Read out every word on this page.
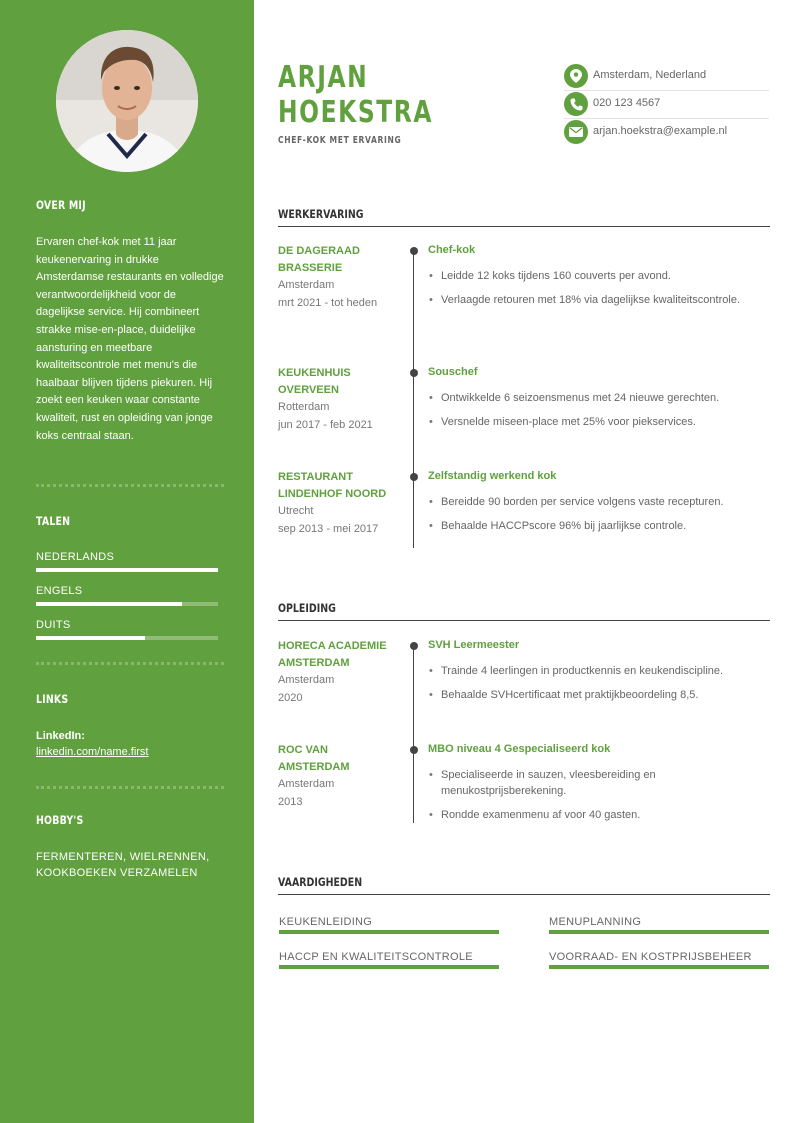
OVER MIJ
Ervaren chef-kok met 11 jaar keukenervaring in drukke Amsterdamse restaurants en volledige verantwoordelijkheid voor de dagelijkse service. Hij combineert strakke mise-en-place, duidelijke aansturing en meetbare kwaliteitscontrole met menu's die haalbaar blijven tijdens piekuren. Hij zoekt een keuken waar constante kwaliteit, rust en opleiding van jonge koks centraal staan.
TALEN
NEDERLANDS
ENGELS
DUITS
LINKS
LinkedIn:
linkedin.com/name.first
HOBBY'S
FERMENTEREN, WIELRENNEN, KOOKBOEKEN VERZAMELEN
ARJAN
HOEKSTRA
CHEF-KOK MET ERVARING
Amsterdam, Nederland
020 123 4567
arjan.hoekstra@example.nl
WERKERVARING
DE DAGERAAD BRASSERIE
Amsterdam
mrt 2021 - tot heden
Chef-kok
• Leidde 12 koks tijdens 160 couverts per avond.
• Verlaagde retouren met 18% via dagelijkse kwaliteitscontrole.
KEUKENHUIS OVERVEEN
Rotterdam
jun 2017 - feb 2021
Souschef
• Ontwikkelde 6 seizoensmenus met 24 nieuwe gerechten.
• Versnelde miseen-place met 25% voor piekservices.
RESTAURANT LINDENHOF NOORD
Utrecht
sep 2013 - mei 2017
Zelfstandig werkend kok
• Bereidde 90 borden per service volgens vaste recepturen.
• Behaalde HACCPscore 96% bij jaarlijkse controle.
OPLEIDING
HORECA ACADEMIE AMSTERDAM
Amsterdam
2020
SVH Leermeester
• Trainde 4 leerlingen in productkennis en keukendiscipline.
• Behaalde SVHcertificaat met praktijkbeoordeling 8,5.
ROC VAN AMSTERDAM
Amsterdam
2013
MBO niveau 4 Gespecialiseerd kok
• Specialiseerde in sauzen, vleesbereiding en menukostprijsberekening.
• Rondde examenmenu af voor 40 gasten.
VAARDIGHEDEN
KEUKENLEIDING	MENUPLANNING
HACCP EN KWALITEITSCONTROLE	VOORRAAD- EN KOSTPRIJSBEHEER
